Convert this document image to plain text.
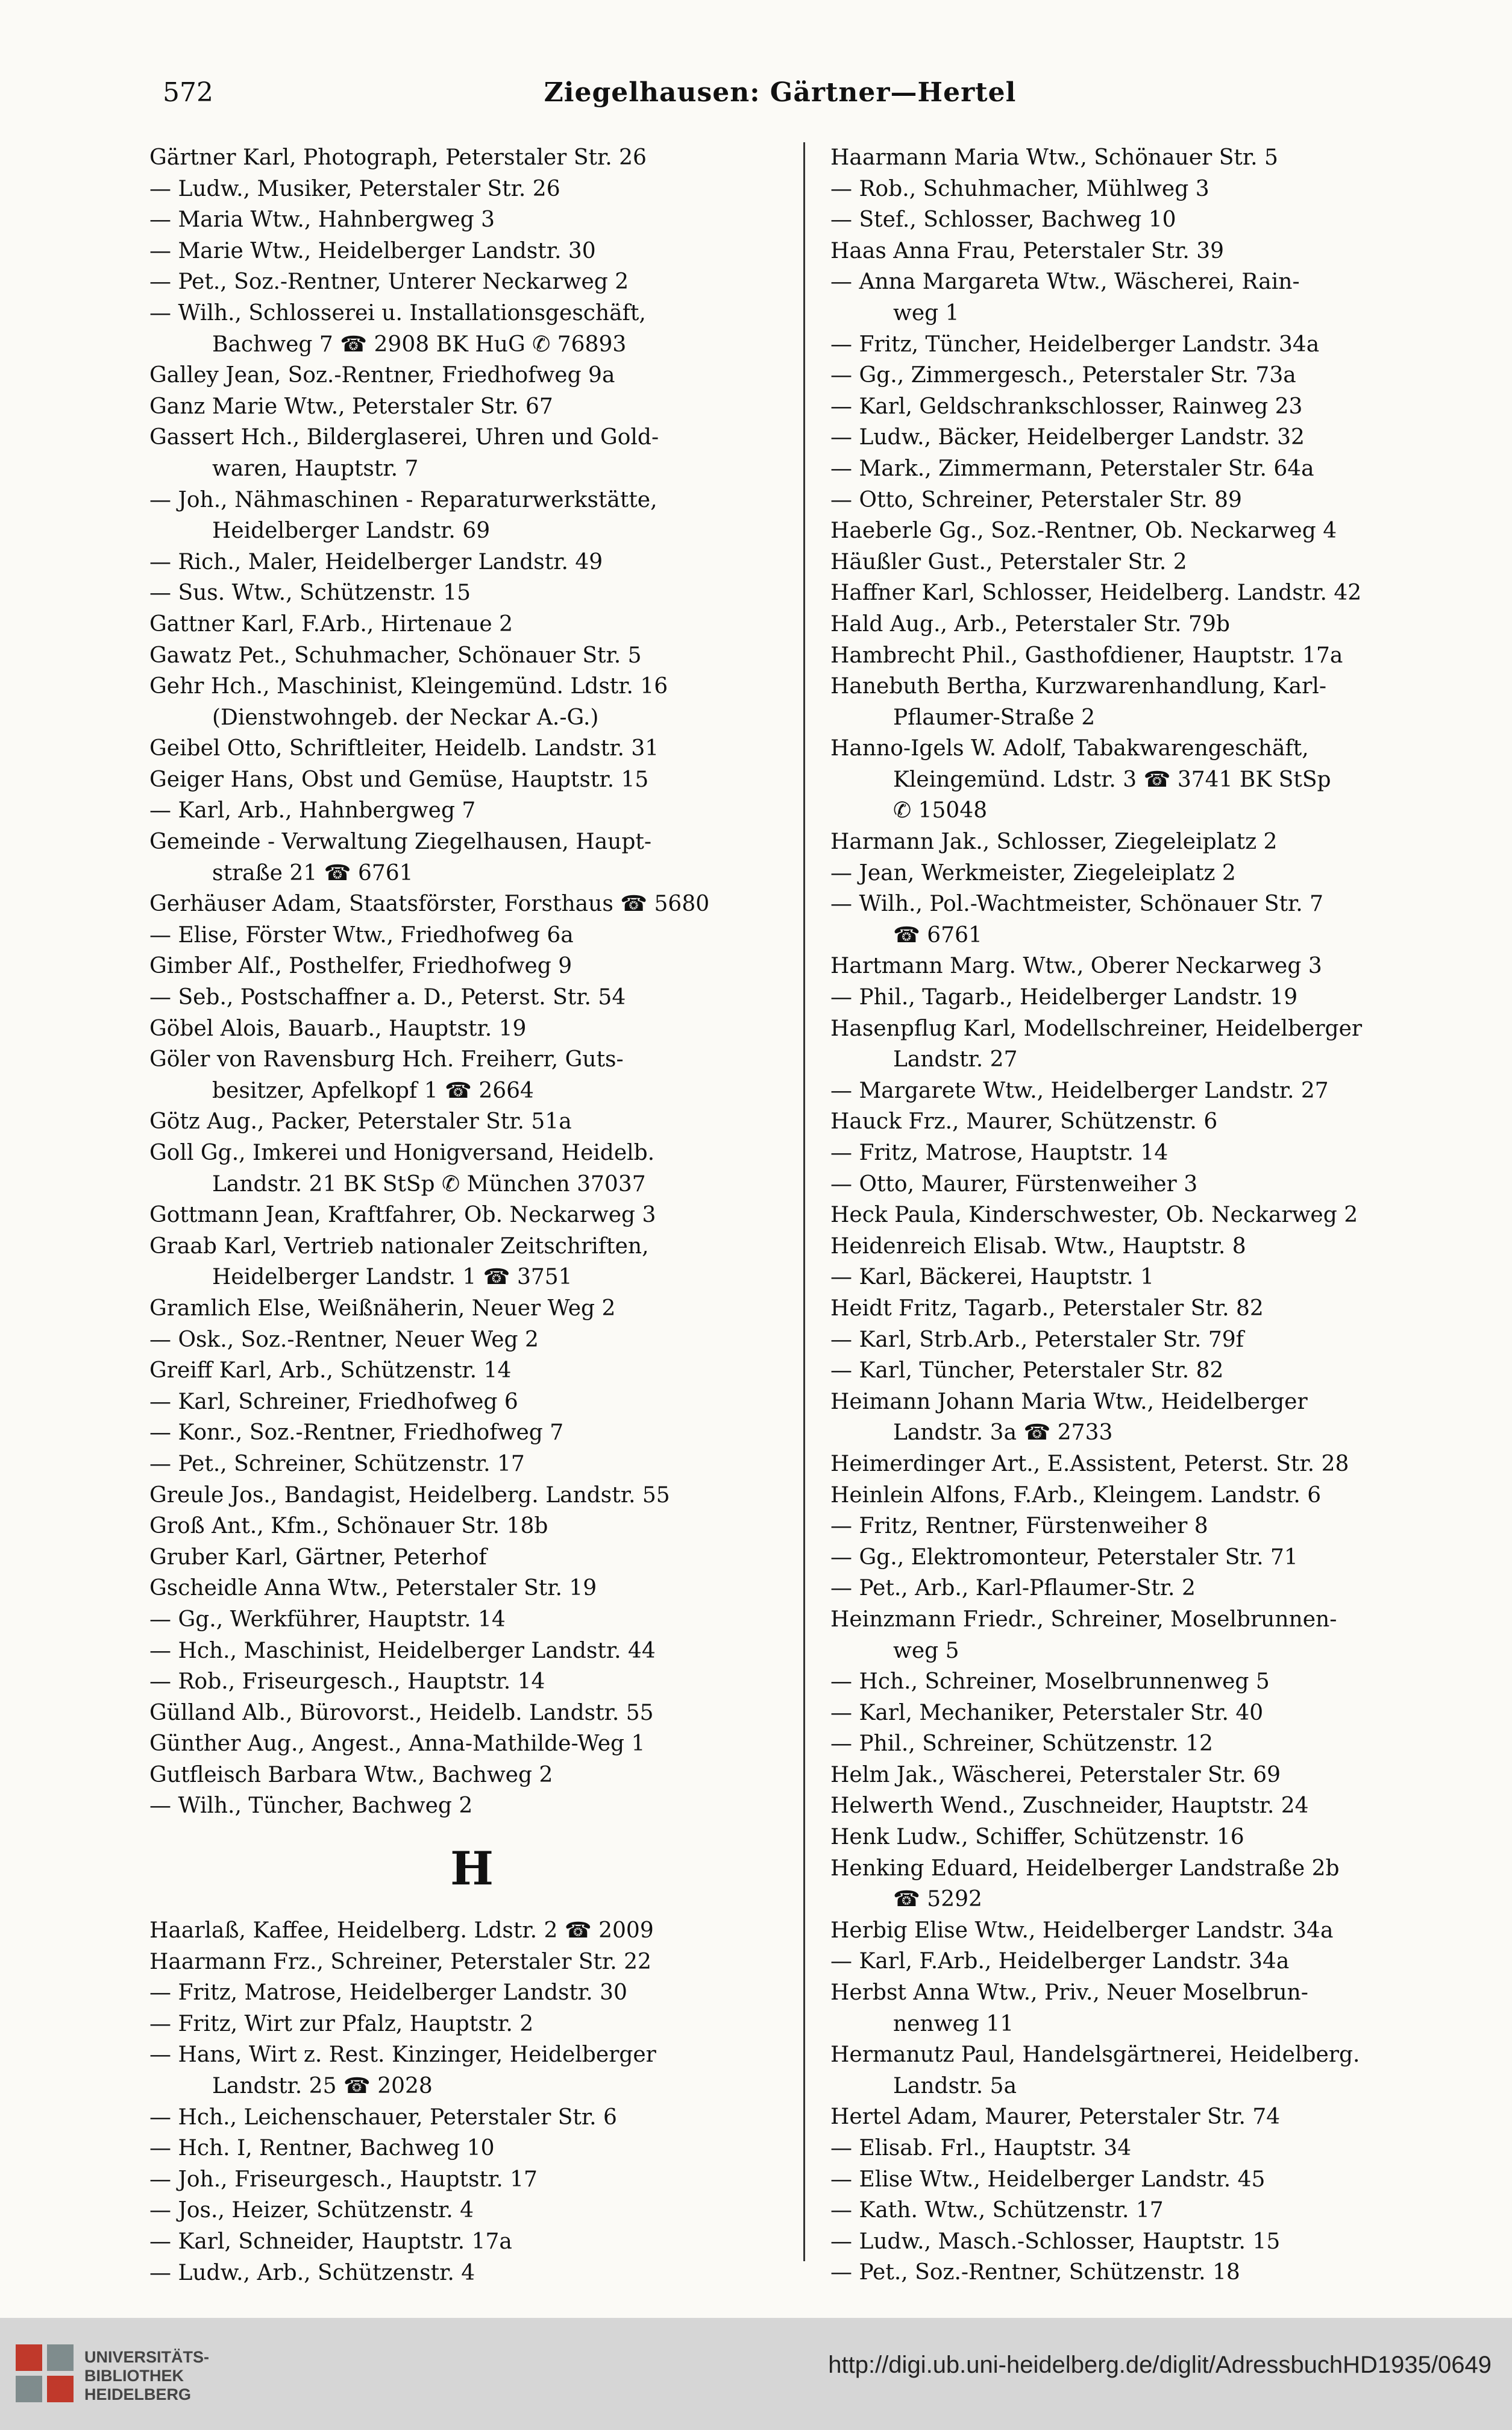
572	Ziegelhausen: Gärtner—Hertel
Gärtner Karl, Photograph, Peterstaler Str. 26
— Ludw., Musiker, Peterstaler Str. 26
— Maria Wtw., Hahnbergweg 3
— Marie Wtw., Heidelberger Landstr. 30
— Pet., Soz.-Rentner, Unterer Neckarweg 2
— Wilh., Schlosserei u. Installationsgeschäft,
Bachweg 7 ☎ 2908 BK HuG ✆ 76893
Galley Jean, Soz.-Rentner, Friedhofweg 9a
Ganz Marie Wtw., Peterstaler Str. 67
Gassert Hch., Bilderglaserei, Uhren und Gold-
waren, Hauptstr. 7
— Joh., Nähmaschinen - Reparaturwerkstätte,
Heidelberger Landstr. 69
— Rich., Maler, Heidelberger Landstr. 49
— Sus. Wtw., Schützenstr. 15
Gattner Karl, F.Arb., Hirtenaue 2
Gawatz Pet., Schuhmacher, Schönauer Str. 5
Gehr Hch., Maschinist, Kleingemünd. Ldstr. 16
(Dienstwohngeb. der Neckar A.-G.)
Geibel Otto, Schriftleiter, Heidelb. Landstr. 31
Geiger Hans, Obst und Gemüse, Hauptstr. 15
— Karl, Arb., Hahnbergweg 7
Gemeinde - Verwaltung Ziegelhausen, Haupt-
straße 21 ☎ 6761
Gerhäuser Adam, Staatsförster, Forsthaus ☎ 5680
— Elise, Förster Wtw., Friedhofweg 6a
Gimber Alf., Posthelfer, Friedhofweg 9
— Seb., Postschaffner a. D., Peterst. Str. 54
Göbel Alois, Bauarb., Hauptstr. 19
Göler von Ravensburg Hch. Freiherr, Guts-
besitzer, Apfelkopf 1 ☎ 2664
Götz Aug., Packer, Peterstaler Str. 51a
Goll Gg., Imkerei und Honigversand, Heidelb.
Landstr. 21 BK StSp ✆ München 37037
Gottmann Jean, Kraftfahrer, Ob. Neckarweg 3
Graab Karl, Vertrieb nationaler Zeitschriften,
Heidelberger Landstr. 1 ☎ 3751
Gramlich Else, Weißnäherin, Neuer Weg 2
— Osk., Soz.-Rentner, Neuer Weg 2
Greiff Karl, Arb., Schützenstr. 14
— Karl, Schreiner, Friedhofweg 6
— Konr., Soz.-Rentner, Friedhofweg 7
— Pet., Schreiner, Schützenstr. 17
Greule Jos., Bandagist, Heidelberg. Landstr. 55
Groß Ant., Kfm., Schönauer Str. 18b
Gruber Karl, Gärtner, Peterhof
Gscheidle Anna Wtw., Peterstaler Str. 19
— Gg., Werkführer, Hauptstr. 14
— Hch., Maschinist, Heidelberger Landstr. 44
— Rob., Friseurgesch., Hauptstr. 14
Gülland Alb., Bürovorst., Heidelb. Landstr. 55
Günther Aug., Angest., Anna-Mathilde-Weg 1
Gutfleisch Barbara Wtw., Bachweg 2
— Wilh., Tüncher, Bachweg 2
H
Haarlaß, Kaffee, Heidelberg. Ldstr. 2 ☎ 2009
Haarmann Frz., Schreiner, Peterstaler Str. 22
— Fritz, Matrose, Heidelberger Landstr. 30
— Fritz, Wirt zur Pfalz, Hauptstr. 2
— Hans, Wirt z. Rest. Kinzinger, Heidelberger
Landstr. 25 ☎ 2028
— Hch., Leichenschauer, Peterstaler Str. 6
— Hch. I, Rentner, Bachweg 10
— Joh., Friseurgesch., Hauptstr. 17
— Jos., Heizer, Schützenstr. 4
— Karl, Schneider, Hauptstr. 17a
— Ludw., Arb., Schützenstr. 4
Haarmann Maria Wtw., Schönauer Str. 5
— Rob., Schuhmacher, Mühlweg 3
— Stef., Schlosser, Bachweg 10
Haas Anna Frau, Peterstaler Str. 39
— Anna Margareta Wtw., Wäscherei, Rain-
weg 1
— Fritz, Tüncher, Heidelberger Landstr. 34a
— Gg., Zimmergesch., Peterstaler Str. 73a
— Karl, Geldschrankschlosser, Rainweg 23
— Ludw., Bäcker, Heidelberger Landstr. 32
— Mark., Zimmermann, Peterstaler Str. 64a
— Otto, Schreiner, Peterstaler Str. 89
Haeberle Gg., Soz.-Rentner, Ob. Neckarweg 4
Häußler Gust., Peterstaler Str. 2
Haffner Karl, Schlosser, Heidelberg. Landstr. 42
Hald Aug., Arb., Peterstaler Str. 79b
Hambrecht Phil., Gasthofdiener, Hauptstr. 17a
Hanebuth Bertha, Kurzwarenhandlung, Karl-
Pflaumer-Straße 2
Hanno-Igels W. Adolf, Tabakwarengeschäft,
Kleingemünd. Ldstr. 3 ☎ 3741 BK StSp
✆ 15048
Harmann Jak., Schlosser, Ziegeleiplatz 2
— Jean, Werkmeister, Ziegeleiplatz 2
— Wilh., Pol.-Wachtmeister, Schönauer Str. 7
☎ 6761
Hartmann Marg. Wtw., Oberer Neckarweg 3
— Phil., Tagarb., Heidelberger Landstr. 19
Hasenpflug Karl, Modellschreiner, Heidelberger
Landstr. 27
— Margarete Wtw., Heidelberger Landstr. 27
Hauck Frz., Maurer, Schützenstr. 6
— Fritz, Matrose, Hauptstr. 14
— Otto, Maurer, Fürstenweiher 3
Heck Paula, Kinderschwester, Ob. Neckarweg 2
Heidenreich Elisab. Wtw., Hauptstr. 8
— Karl, Bäckerei, Hauptstr. 1
Heidt Fritz, Tagarb., Peterstaler Str. 82
— Karl, Strb.Arb., Peterstaler Str. 79f
— Karl, Tüncher, Peterstaler Str. 82
Heimann Johann Maria Wtw., Heidelberger
Landstr. 3a ☎ 2733
Heimerdinger Art., E.Assistent, Peterst. Str. 28
Heinlein Alfons, F.Arb., Kleingem. Landstr. 6
— Fritz, Rentner, Fürstenweiher 8
— Gg., Elektromonteur, Peterstaler Str. 71
— Pet., Arb., Karl-Pflaumer-Str. 2
Heinzmann Friedr., Schreiner, Moselbrunnen-
weg 5
— Hch., Schreiner, Moselbrunnenweg 5
— Karl, Mechaniker, Peterstaler Str. 40
— Phil., Schreiner, Schützenstr. 12
Helm Jak., Wäscherei, Peterstaler Str. 69
Helwerth Wend., Zuschneider, Hauptstr. 24
Henk Ludw., Schiffer, Schützenstr. 16
Henking Eduard, Heidelberger Landstraße 2b
☎ 5292
Herbig Elise Wtw., Heidelberger Landstr. 34a
— Karl, F.Arb., Heidelberger Landstr. 34a
Herbst Anna Wtw., Priv., Neuer Moselbrun-
nenweg 11
Hermanutz Paul, Handelsgärtnerei, Heidelberg.
Landstr. 5a
Hertel Adam, Maurer, Peterstaler Str. 74
— Elisab. Frl., Hauptstr. 34
— Elise Wtw., Heidelberger Landstr. 45
— Kath. Wtw., Schützenstr. 17
— Ludw., Masch.-Schlosser, Hauptstr. 15
— Pet., Soz.-Rentner, Schützenstr. 18
UNIVERSITÄTS-
BIBLIOTHEK
HEIDELBERG
http://digi.ub.uni-heidelberg.de/diglit/AdressbuchHD1935/0649
